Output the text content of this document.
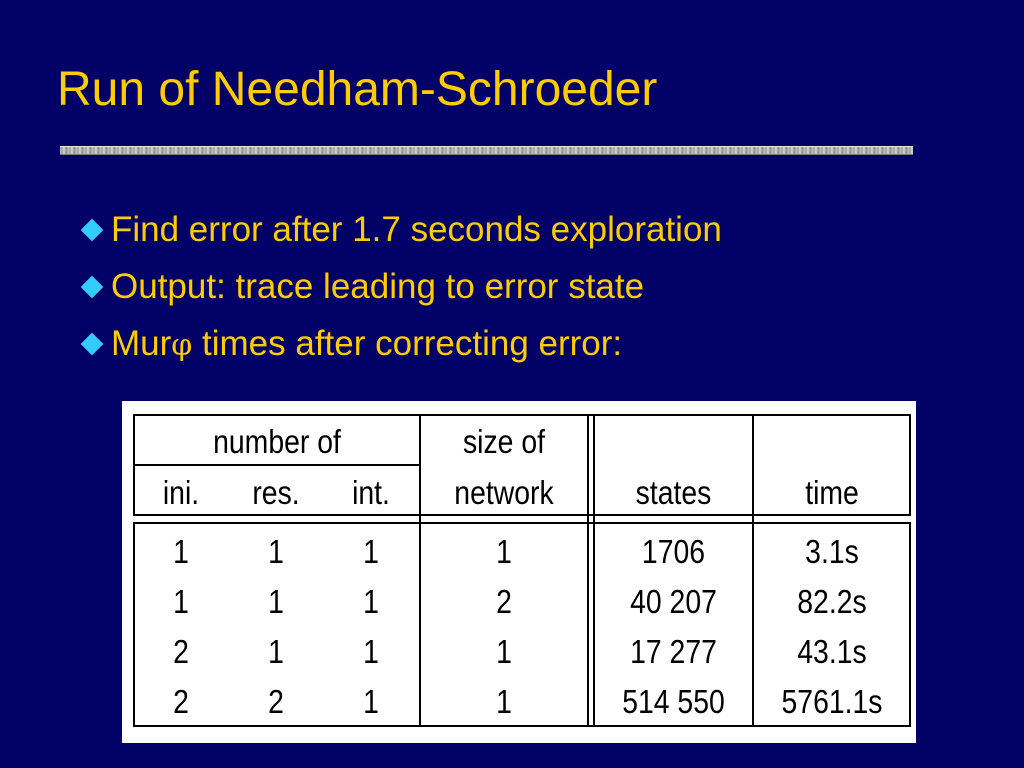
Run of Needham-Schroeder
Find error after 1.7 seconds exploration
Output: trace leading to error state
Murφ times after correcting error:
number of
ini.	res.	int.
size of
network	states	time
1	1	1	1	1706	3.1s
1	1	1	2	40 207	82.2s
2	1	1	1	17 277	43.1s
2	2	1	1	514 550	5761.1s
